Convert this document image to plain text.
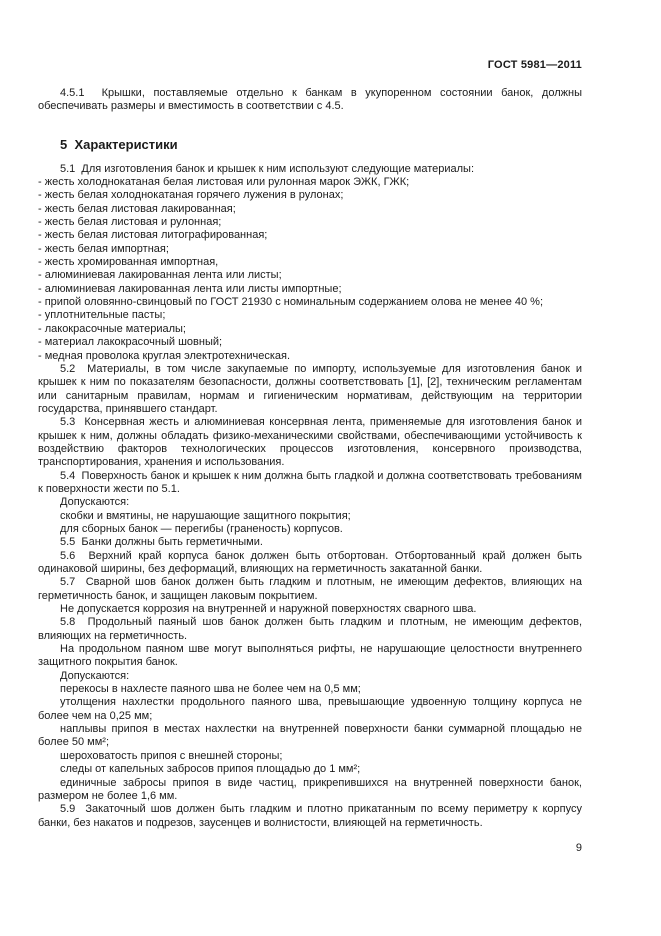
ГОСТ 5981—2011

4.5.1  Крышки, поставляемые отдельно к банкам в укупоренном состоянии банок, должны обеспечивать размеры и вместимость в соответствии с 4.5.

5  Характеристики

5.1  Для изготовления банок и крышек к ним используют следующие материалы:

- жесть холоднокатаная белая листовая или рулонная марок ЭЖК, ГЖК;

- жесть белая холоднокатаная горячего лужения в рулонах;

- жесть белая листовая лакированная;

- жесть белая листовая и рулонная;

- жесть белая листовая литографированная;

- жесть белая импортная;

- жесть хромированная импортная,

- алюминиевая лакированная лента или листы;

- алюминиевая лакированная лента или листы импортные;

- припой оловянно-свинцовый по ГОСТ 21930 с номинальным содержанием олова не менее 40 %;

- уплотнительные пасты;

- лакокрасочные материалы;

- материал лакокрасочный шовный;

- медная проволока круглая электротехническая.

5.2  Материалы, в том числе закупаемые по импорту, используемые для изготовления банок и крышек к ним по показателям безопасности, должны соответствовать [1], [2], техническим регламентам или санитарным правилам, нормам и гигиеническим нормативам, действующим на территории государства, принявшего стандарт.

5.3  Консервная жесть и алюминиевая консервная лента, применяемые для изготовления банок и крышек к ним, должны обладать физико-механическими свойствами, обеспечивающими устойчивость к воздействию факторов технологических процессов изготовления, консервного производства, транспортирования, хранения и использования.

5.4  Поверхность банок и крышек к ним должна быть гладкой и должна соответствовать требованиям к поверхности жести по 5.1.

Допускаются:

скобки и вмятины, не нарушающие защитного покрытия;

для сборных банок — перегибы (граненость) корпусов.

5.5  Банки должны быть герметичными.

5.6  Верхний край корпуса банок должен быть отбортован. Отбортованный край должен быть одинаковой ширины, без деформаций, влияющих на герметичность закатанной банки.

5.7  Сварной шов банок должен быть гладким и плотным, не имеющим дефектов, влияющих на герметичность банок, и защищен лаковым покрытием.

Не допускается коррозия на внутренней и наружной поверхностях сварного шва.

5.8  Продольный паяный шов банок должен быть гладким и плотным, не имеющим дефектов, влияющих на герметичность.

На продольном паяном шве могут выполняться рифты, не нарушающие целостности внутреннего защитного покрытия банок.

Допускаются:

перекосы в нахлесте паяного шва не более чем на 0,5 мм;

утолщения нахлестки продольного паяного шва, превышающие удвоенную толщину корпуса не более чем на 0,25 мм;

наплывы припоя в местах нахлестки на внутренней поверхности банки суммарной площадью не более 50 мм²;

шероховатость припоя с внешней стороны;

следы от капельных забросов припоя площадью до 1 мм²;

единичные забросы припоя в виде частиц, прикрепившихся на внутренней поверхности банок, размером не более 1,6 мм.

5.9  Закаточный шов должен быть гладким и плотно прикатанным по всему периметру к корпусу банки, без накатов и подрезов, заусенцев и волнистости, влияющей на герметичность.

9
